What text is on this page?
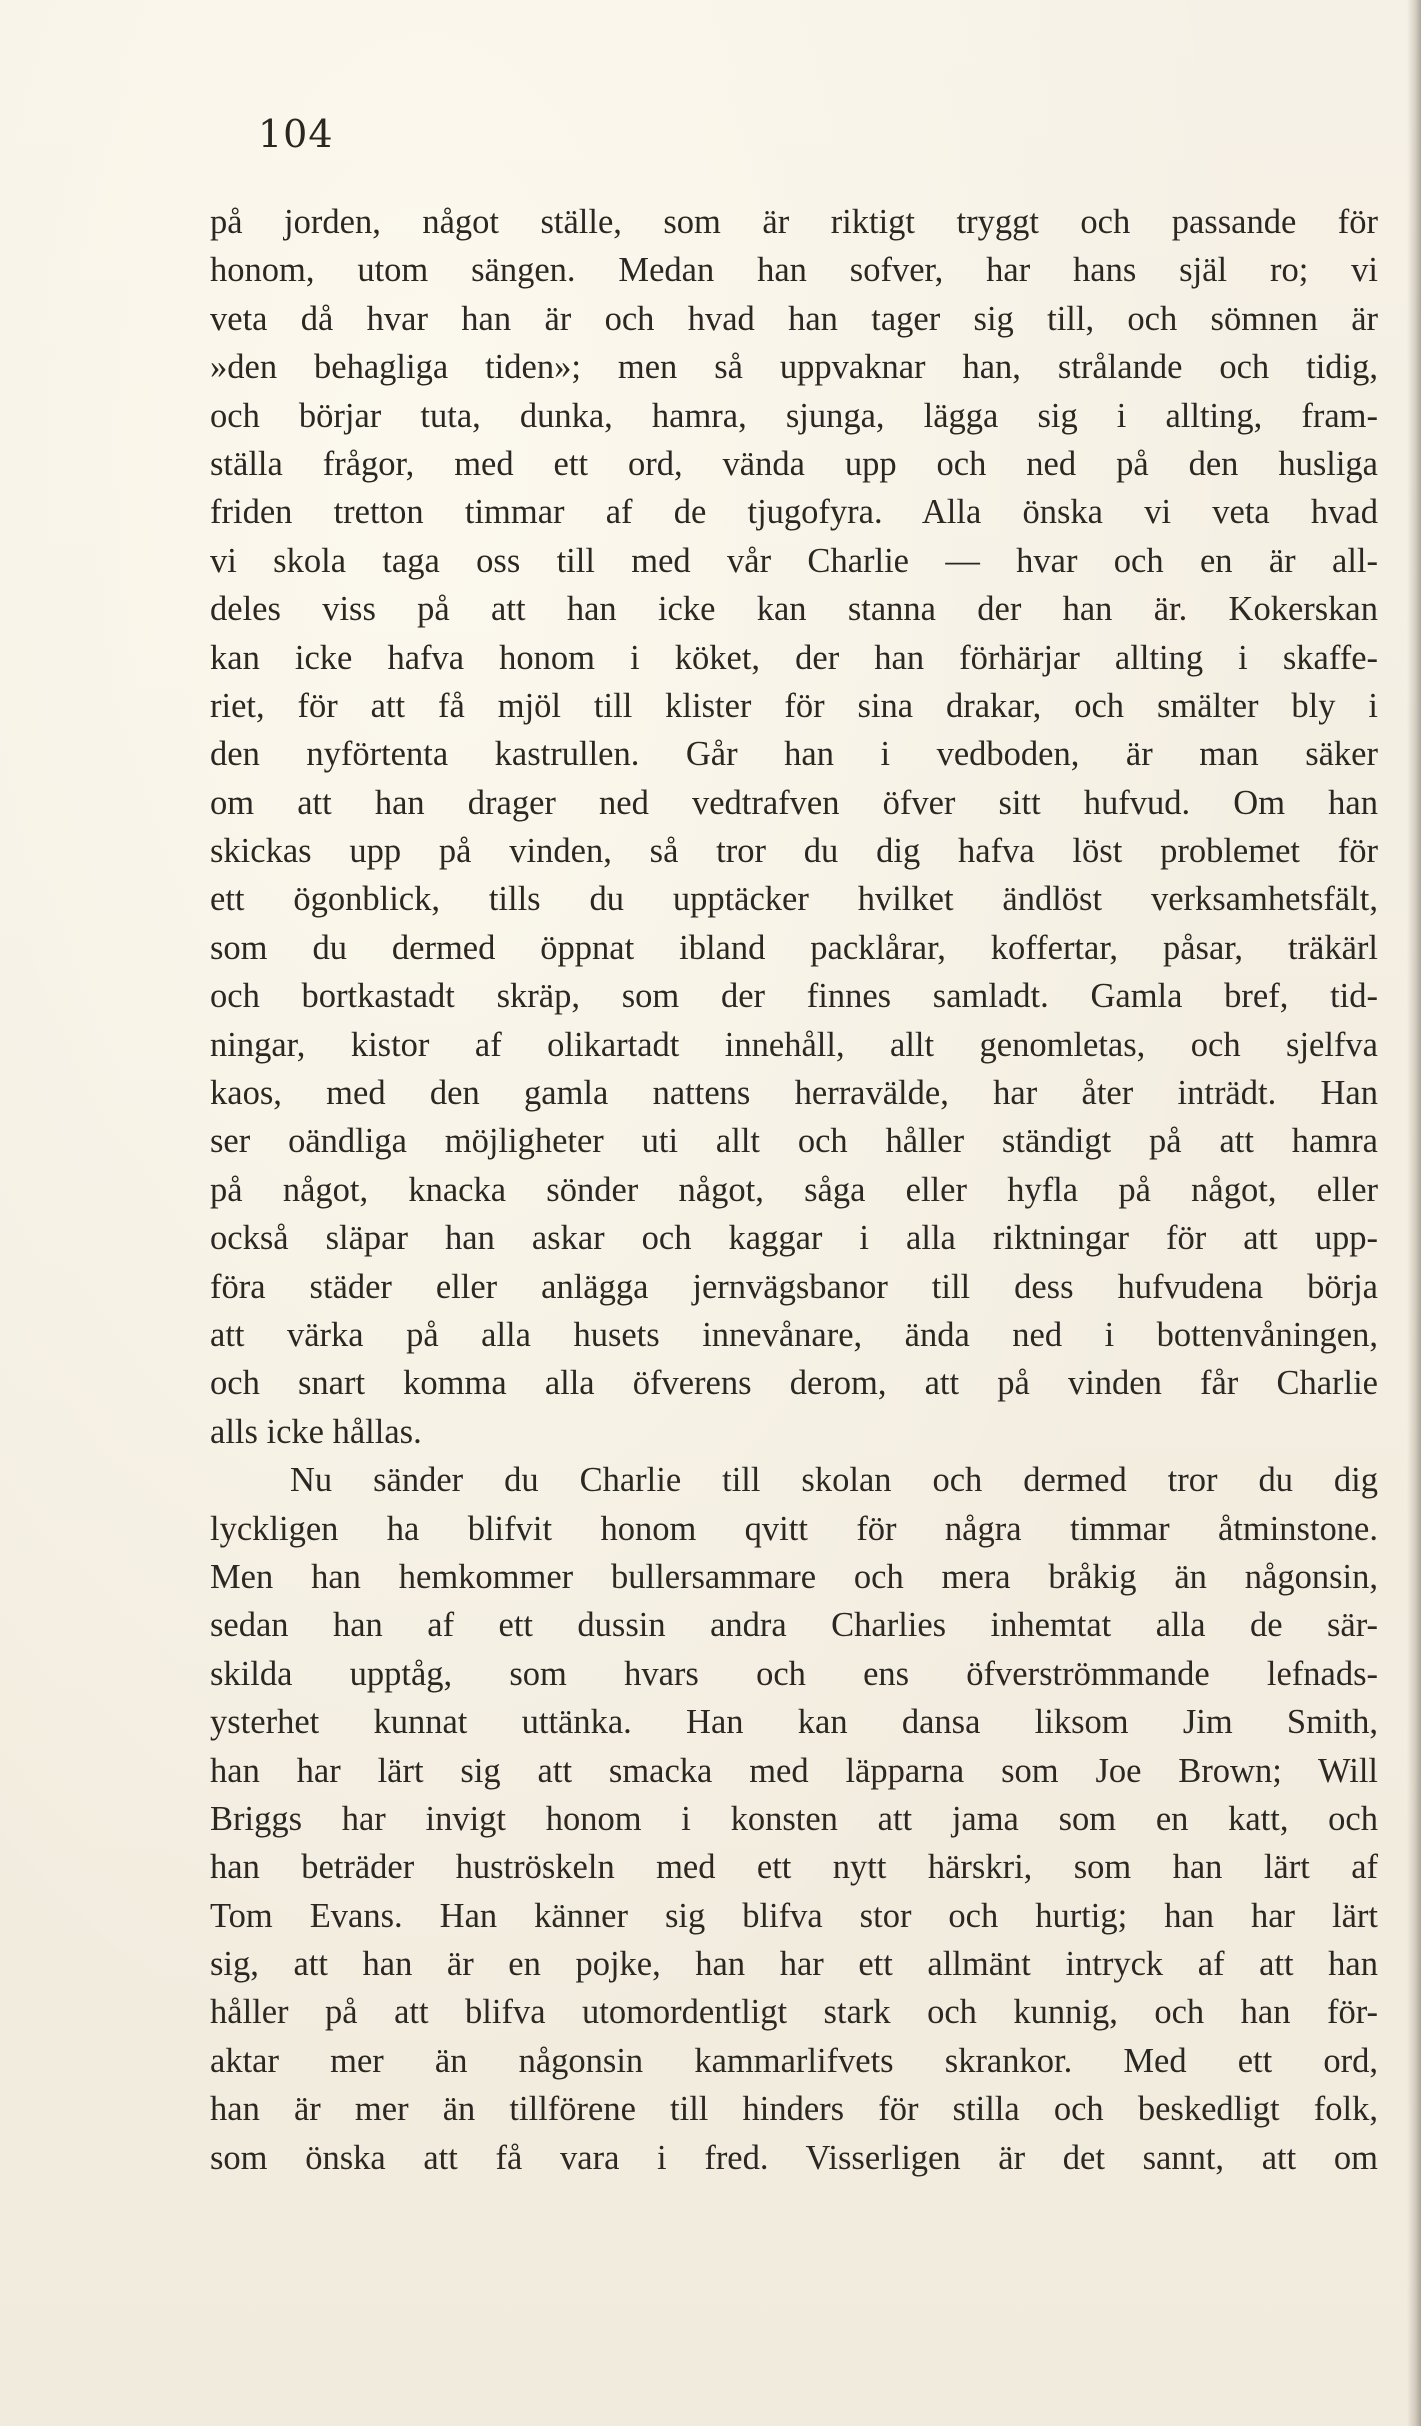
104
på jorden, något ställe, som är riktigt tryggt och passande för
honom, utom sängen. Medan han sofver, har hans själ ro; vi
veta då hvar han är och hvad han tager sig till, och sömnen är
»den behagliga tiden»; men så uppvaknar han, strålande och tidig,
och börjar tuta, dunka, hamra, sjunga, lägga sig i allting, fram-
ställa frågor, med ett ord, vända upp och ned på den husliga
friden tretton timmar af de tjugofyra. Alla önska vi veta hvad
vi skola taga oss till med vår Charlie — hvar och en är all-
deles viss på att han icke kan stanna der han är. Kokerskan
kan icke hafva honom i köket, der han förhärjar allting i skaffe-
riet, för att få mjöl till klister för sina drakar, och smälter bly i
den nyförtenta kastrullen. Går han i vedboden, är man säker
om att han drager ned vedtrafven öfver sitt hufvud. Om han
skickas upp på vinden, så tror du dig hafva löst problemet för
ett ögonblick, tills du upptäcker hvilket ändlöst verksamhetsfält,
som du dermed öppnat ibland packlårar, koffertar, påsar, träkärl
och bortkastadt skräp, som der finnes samladt. Gamla bref, tid-
ningar, kistor af olikartadt innehåll, allt genomletas, och sjelfva
kaos, med den gamla nattens herravälde, har åter inträdt. Han
ser oändliga möjligheter uti allt och håller ständigt på att hamra
på något, knacka sönder något, såga eller hyfla på något, eller
också släpar han askar och kaggar i alla riktningar för att upp-
föra städer eller anlägga jernvägsbanor till dess hufvudena börja
att värka på alla husets innevånare, ända ned i bottenvåningen,
och snart komma alla öfverens derom, att på vinden får Charlie
alls icke hållas.
Nu sänder du Charlie till skolan och dermed tror du dig
lyckligen ha blifvit honom qvitt för några timmar åtminstone.
Men han hemkommer bullersammare och mera bråkig än någonsin,
sedan han af ett dussin andra Charlies inhemtat alla de sär-
skilda upptåg, som hvars och ens öfverströmmande lefnads-
ysterhet kunnat uttänka. Han kan dansa liksom Jim Smith,
han har lärt sig att smacka med läpparna som Joe Brown; Will
Briggs har invigt honom i konsten att jama som en katt, och
han beträder huströskeln med ett nytt härskri, som han lärt af
Tom Evans. Han känner sig blifva stor och hurtig; han har lärt
sig, att han är en pojke, han har ett allmänt intryck af att han
håller på att blifva utomordentligt stark och kunnig, och han för-
aktar mer än någonsin kammarlifvets skrankor. Med ett ord,
han är mer än tillförene till hinders för stilla och beskedligt folk,
som önska att få vara i fred. Visserligen är det sannt, att om
